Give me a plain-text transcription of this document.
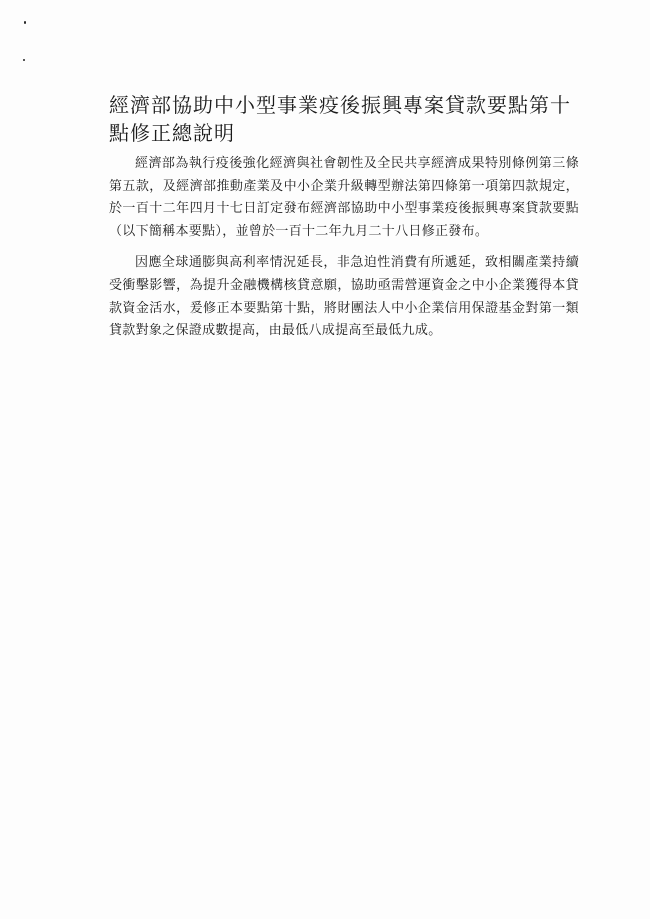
經濟部協助中小型事業疫後振興專案貸款要點第十點修正總說明

經濟部為執行疫後強化經濟與社會韌性及全民共享經濟成果特別條例第三條第五款，及經濟部推動產業及中小企業升級轉型辦法第四條第一項第四款規定，於一百十二年四月十七日訂定發布經濟部協助中小型事業疫後振興專案貸款要點（以下簡稱本要點），並曾於一百十二年九月二十八日修正發布。

因應全球通膨與高利率情況延長，非急迫性消費有所遞延，致相關產業持續受衝擊影響，為提升金融機構核貸意願，協助亟需營運資金之中小企業獲得本貸款資金活水，爰修正本要點第十點，將財團法人中小企業信用保證基金對第一類貸款對象之保證成數提高，由最低八成提高至最低九成。
